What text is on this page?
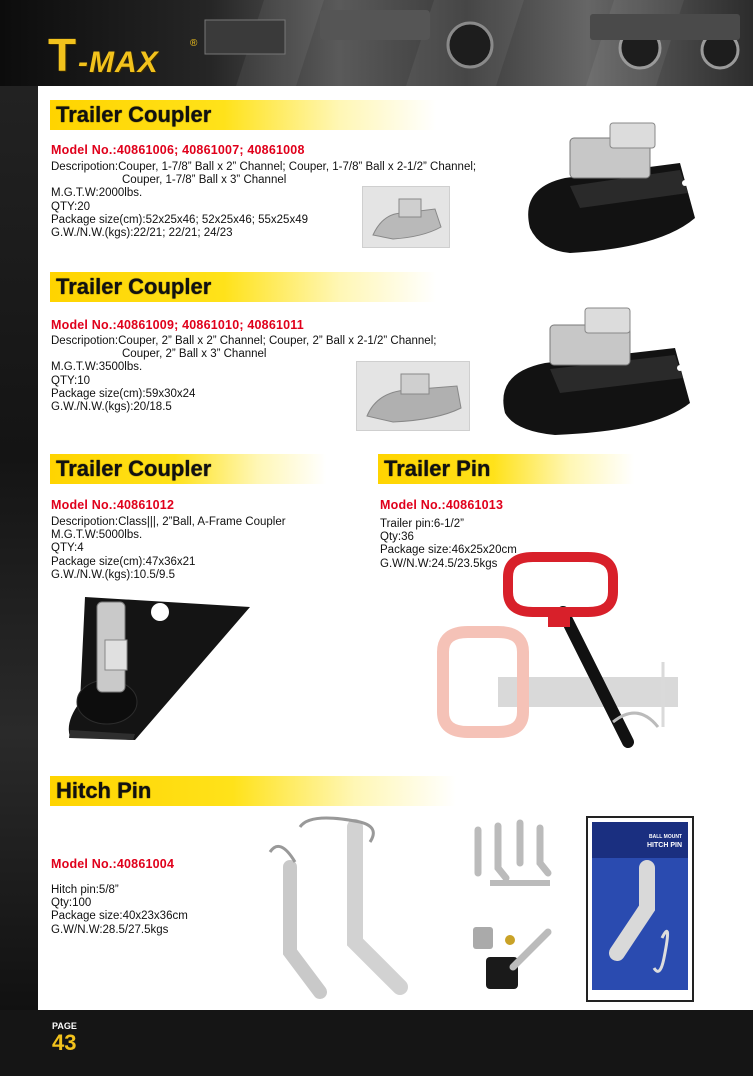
T -MAX
®
Trailer Coupler
Model No.:40861006; 40861007; 40861008
Descripotion:Couper, 1-7/8” Ball x 2” Channel; Couper, 1-7/8” Ball x 2-1/2” Channel;
Couper, 1-7/8” Ball x 3” Channel
M.G.T.W:2000lbs.
QTY:20
Package size(cm):52x25x46; 52x25x46; 55x25x49
G.W./N.W.(kgs):22/21; 22/21; 24/23
Trailer Coupler
Model No.:40861009; 40861010; 40861011
Descripotion:Couper, 2” Ball x 2” Channel; Couper, 2” Ball x 2-1/2” Channel;
Couper, 2” Ball x 3” Channel
M.G.T.W:3500lbs.
QTY:10
Package size(cm):59x30x24
G.W./N.W.(kgs):20/18.5
Trailer Coupler
Model No.:40861012
Descripotion:Class|||, 2”Ball, A-Frame Coupler
M.G.T.W:5000lbs.
QTY:4
Package size(cm):47x36x21
G.W./N.W.(kgs):10.5/9.5
Trailer Pin
Model No.:40861013
Trailer pin:6-1/2”
Qty:36
Package size:46x25x20cm
G.W/N.W:24.5/23.5kgs
Hitch Pin
Model No.:40861004
Hitch pin:5/8”
Qty:100
Package size:40x23x36cm
G.W/N.W:28.5/27.5kgs
BALL MOUNT
HITCH PIN
PAGE
43
